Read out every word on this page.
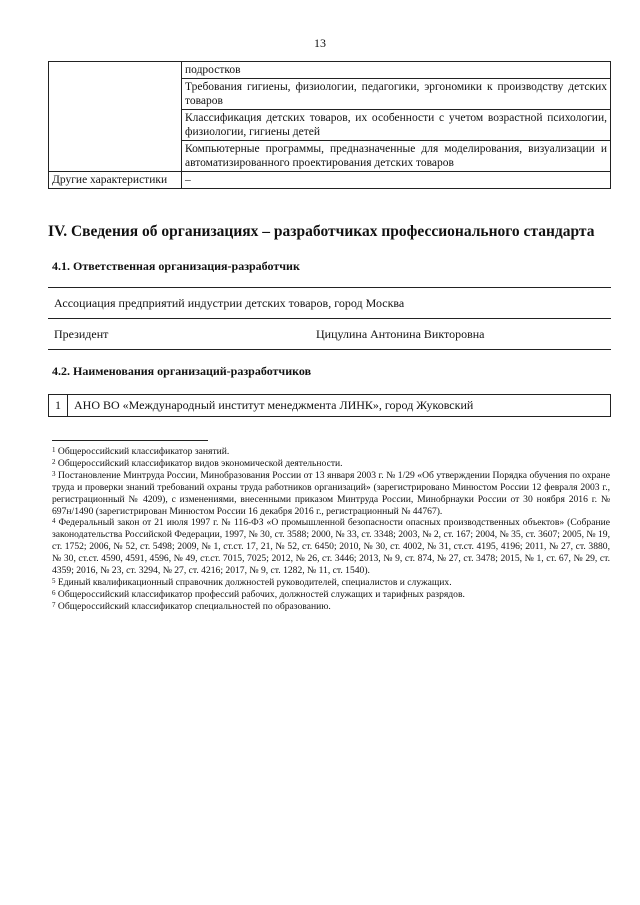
13
	подростков
	Требования гигиены, физиологии, педагогики, эргономики к производству детских товаров
	Классификация детских товаров, их особенности с учетом возрастной психологии, физиологии, гигиены детей
	Компьютерные программы, предназначенные для моделирования, визуализации и автоматизированного проектирования детских товаров
Другие характеристики	–
IV. Сведения об организациях – разработчиках профессионального стандарта
4.1. Ответственная организация-разработчик
Ассоциация предприятий индустрии детских товаров, город Москва
Президент	Цицулина Антонина Викторовна
4.2. Наименования организаций-разработчиков
1	АНО ВО «Международный институт менеджмента ЛИНК», город Жуковский
$^1$ Общероссийский классификатор занятий.
$^2$ Общероссийский классификатор видов экономической деятельности.
$^3$ Постановление Минтруда России, Минобразования России от 13 января 2003 г. № 1/29 «Об утверждении Порядка обучения по охране труда и проверки знаний требований охраны труда работников организаций» (зарегистрировано Минюстом России 12 февраля 2003 г., регистрационный № 4209), с изменениями, внесенными приказом Минтруда России, Минобрнауки России от 30 ноября 2016 г. № 697н/1490 (зарегистрирован Минюстом России 16 декабря 2016 г., регистрационный № 44767).
$^4$ Федеральный закон от 21 июля 1997 г. № 116-ФЗ «О промышленной безопасности опасных производственных объектов» (Собрание законодательства Российской Федерации, 1997, № 30, ст. 3588; 2000, № 33, ст. 3348; 2003, № 2, ст. 167; 2004, № 35, ст. 3607; 2005, № 19, ст. 1752; 2006, № 52, ст. 5498; 2009, № 1, ст.ст. 17, 21, № 52, ст. 6450; 2010, № 30, ст. 4002, № 31, ст.ст. 4195, 4196; 2011, № 27, ст. 3880, № 30, ст.ст. 4590, 4591, 4596, № 49, ст.ст. 7015, 7025; 2012, № 26, ст. 3446; 2013, № 9, ст. 874, № 27, ст. 3478; 2015, № 1, ст. 67, № 29, ст. 4359; 2016, № 23, ст. 3294, № 27, ст. 4216; 2017, № 9, ст. 1282, № 11, ст. 1540).
$^5$ Единый квалификационный справочник должностей руководителей, специалистов и служащих.
$^6$ Общероссийский классификатор профессий рабочих, должностей служащих и тарифных разрядов.
$^7$ Общероссийский классификатор специальностей по образованию.
